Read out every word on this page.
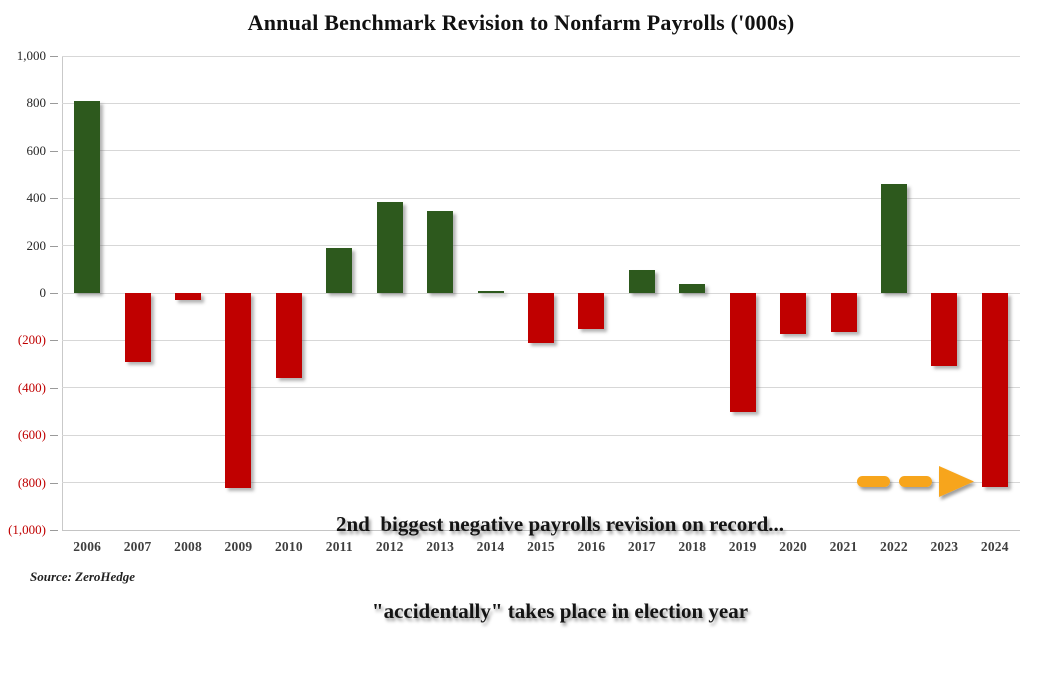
Annual Benchmark Revision to Nonfarm Payrolls ('000s)

2nd  biggest negative payrolls revision on record...

"accidentally" takes place in election year

Source: ZeroHedge
1,000
800
600
400
200
0
(200)
(400)
(600)
(800)
(1,000)
2006	2007	2008	2009	2010	2011	2012	2013	2014	2015	2016	2017	2018	2019	2020	2021	2022	2023	2024
